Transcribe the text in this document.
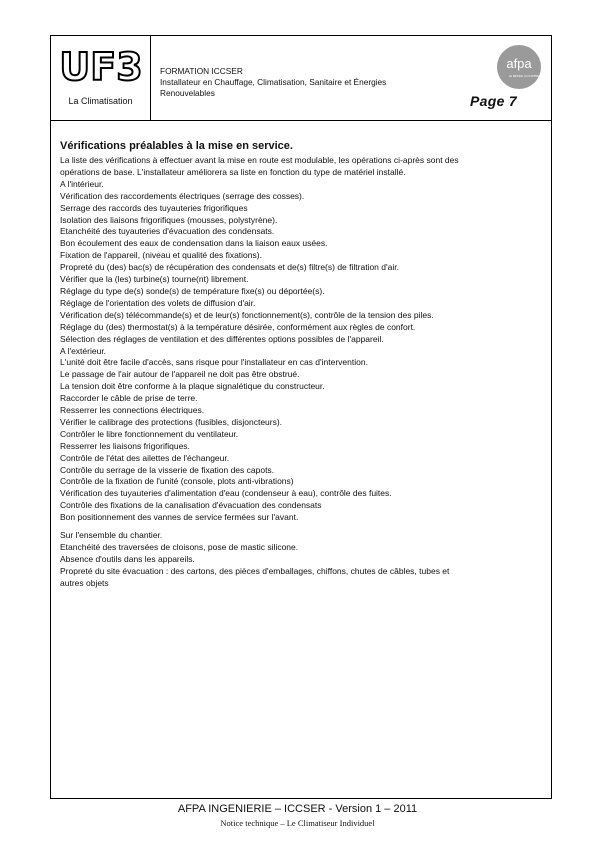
UF3
La Climatisation
FORMATION ICCSER
Installateur en Chauffage, Climatisation, Sanitaire et Énergies
Renouvelables
afpa
LE MÉTIER, ÇA S'APPREND
Page 7
Vérifications préalables à la mise en service.
La liste des vérifications à effectuer avant la mise en route est modulable, les opérations ci-après sont des
opérations de base. L'installateur améliorera sa liste en fonction du type de matériel installé.
A l'intérieur.
Vérification des raccordements électriques (serrage des cosses).
Serrage des raccords des tuyauteries frigorifiques
Isolation des liaisons frigorifiques (mousses, polystyrène).
Etanchéité des tuyauteries d'évacuation des condensats.
Bon écoulement des eaux de condensation dans la liaison eaux usées.
Fixation de l'appareil, (niveau et qualité des fixations).
Propreté du (des) bac(s) de récupération des condensats et de(s) filtre(s) de filtration d'air.
Vérifier que la (les) turbine(s) tourne(nt) librement.
Réglage du type de(s) sonde(s) de température fixe(s) ou déportée(s).
Réglage de l'orientation des volets de diffusion d'air.
Vérification de(s) télécommande(s) et de leur(s) fonctionnement(s), contrôle de la tension des piles.
Réglage du (des) thermostat(s) à la température désirée, conformément aux règles de confort.
Sélection des réglages de ventilation et des différentes options possibles de l'appareil.
A l'extérieur.
L'unité doit être facile d'accès, sans risque pour l'installateur en cas d'intervention.
Le passage de l'air autour de l'appareil ne doit pas être obstrué.
La tension doit être conforme à la plaque signalétique du constructeur.
Raccorder le câble de prise de terre.
Resserrer les connections électriques.
Vérifier le calibrage des protections (fusibles, disjoncteurs).
Contrôler le libre fonctionnement du ventilateur.
Resserrer les liaisons frigorifiques.
Contrôle de l'état des ailettes de l'échangeur.
Contrôle du serrage de la visserie de fixation des capots.
Contrôle de la fixation de l'unité (console, plots anti-vibrations)
Vérification des tuyauteries d'alimentation d'eau (condenseur à eau), contrôle des fuites.
Contrôle des fixations de la canalisation d'évacuation des condensats
Bon positionnement des vannes de service fermées sur l'avant.
Sur l'ensemble du chantier.
Etanchéité des traversées de cloisons, pose de mastic silicone.
Absence d'outils dans les appareils.
Propreté du site évacuation : des cartons, des pièces d'emballages, chiffons, chutes de câbles, tubes et
autres objets
AFPA INGENIERIE – ICCSER - Version 1 – 2011
Notice technique – Le Climatiseur Individuel
